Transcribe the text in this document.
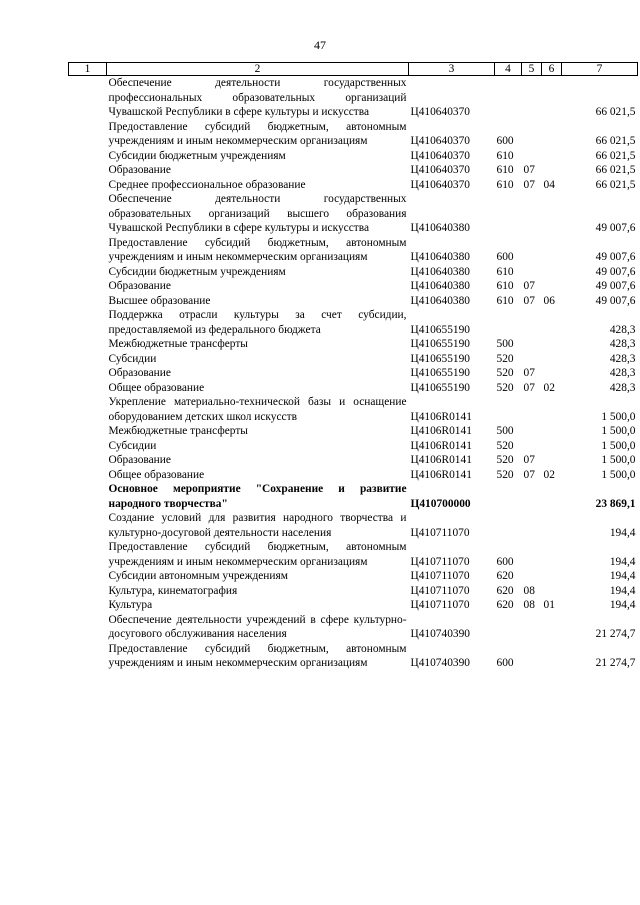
47
1	2	3	4	5	6	7
	Обеспечение деятельности государственных профессиональных образовательных организаций Чувашской Республики в сфере культуры и искусства	Ц410640370				66 021,5
	Предоставление субсидий бюджетным, автономным учреждениям и иным некоммерческим организациям	Ц410640370	600			66 021,5
	Субсидии бюджетным учреждениям	Ц410640370	610			66 021,5
	Образование	Ц410640370	610	07		66 021,5
	Среднее профессиональное образование	Ц410640370	610	07	04	66 021,5
	Обеспечение деятельности государственных образовательных организаций высшего образования Чувашской Республики в сфере культуры и искусства	Ц410640380				49 007,6
	Предоставление субсидий бюджетным, автономным учреждениям и иным некоммерческим организациям	Ц410640380	600			49 007,6
	Субсидии бюджетным учреждениям	Ц410640380	610			49 007,6
	Образование	Ц410640380	610	07		49 007,6
	Высшее образование	Ц410640380	610	07	06	49 007,6
	Поддержка отрасли культуры за счет субсидии, предоставляемой из федерального бюджета	Ц410655190				428,3
	Межбюджетные трансферты	Ц410655190	500			428,3
	Субсидии	Ц410655190	520			428,3
	Образование	Ц410655190	520	07		428,3
	Общее образование	Ц410655190	520	07	02	428,3
	Укрепление материально-технической базы и оснащение оборудованием детских школ искусств	Ц4106R0141				1 500,0
	Межбюджетные трансферты	Ц4106R0141	500			1 500,0
	Субсидии	Ц4106R0141	520			1 500,0
	Образование	Ц4106R0141	520	07		1 500,0
	Общее образование	Ц4106R0141	520	07	02	1 500,0
	Основное мероприятие "Сохранение и развитие народного творчества"	Ц410700000				23 869,1
	Создание условий для развития народного творчества и культурно-досуговой деятельности населения	Ц410711070				194,4
	Предоставление субсидий бюджетным, автономным учреждениям и иным некоммерческим организациям	Ц410711070	600			194,4
	Субсидии автономным учреждениям	Ц410711070	620			194,4
	Культура, кинематография	Ц410711070	620	08		194,4
	Культура	Ц410711070	620	08	01	194,4
	Обеспечение деятельности учреждений в сфере культурно-досугового обслуживания населения	Ц410740390				21 274,7
	Предоставление субсидий бюджетным, автономным учреждениям и иным некоммерческим организациям	Ц410740390	600			21 274,7
